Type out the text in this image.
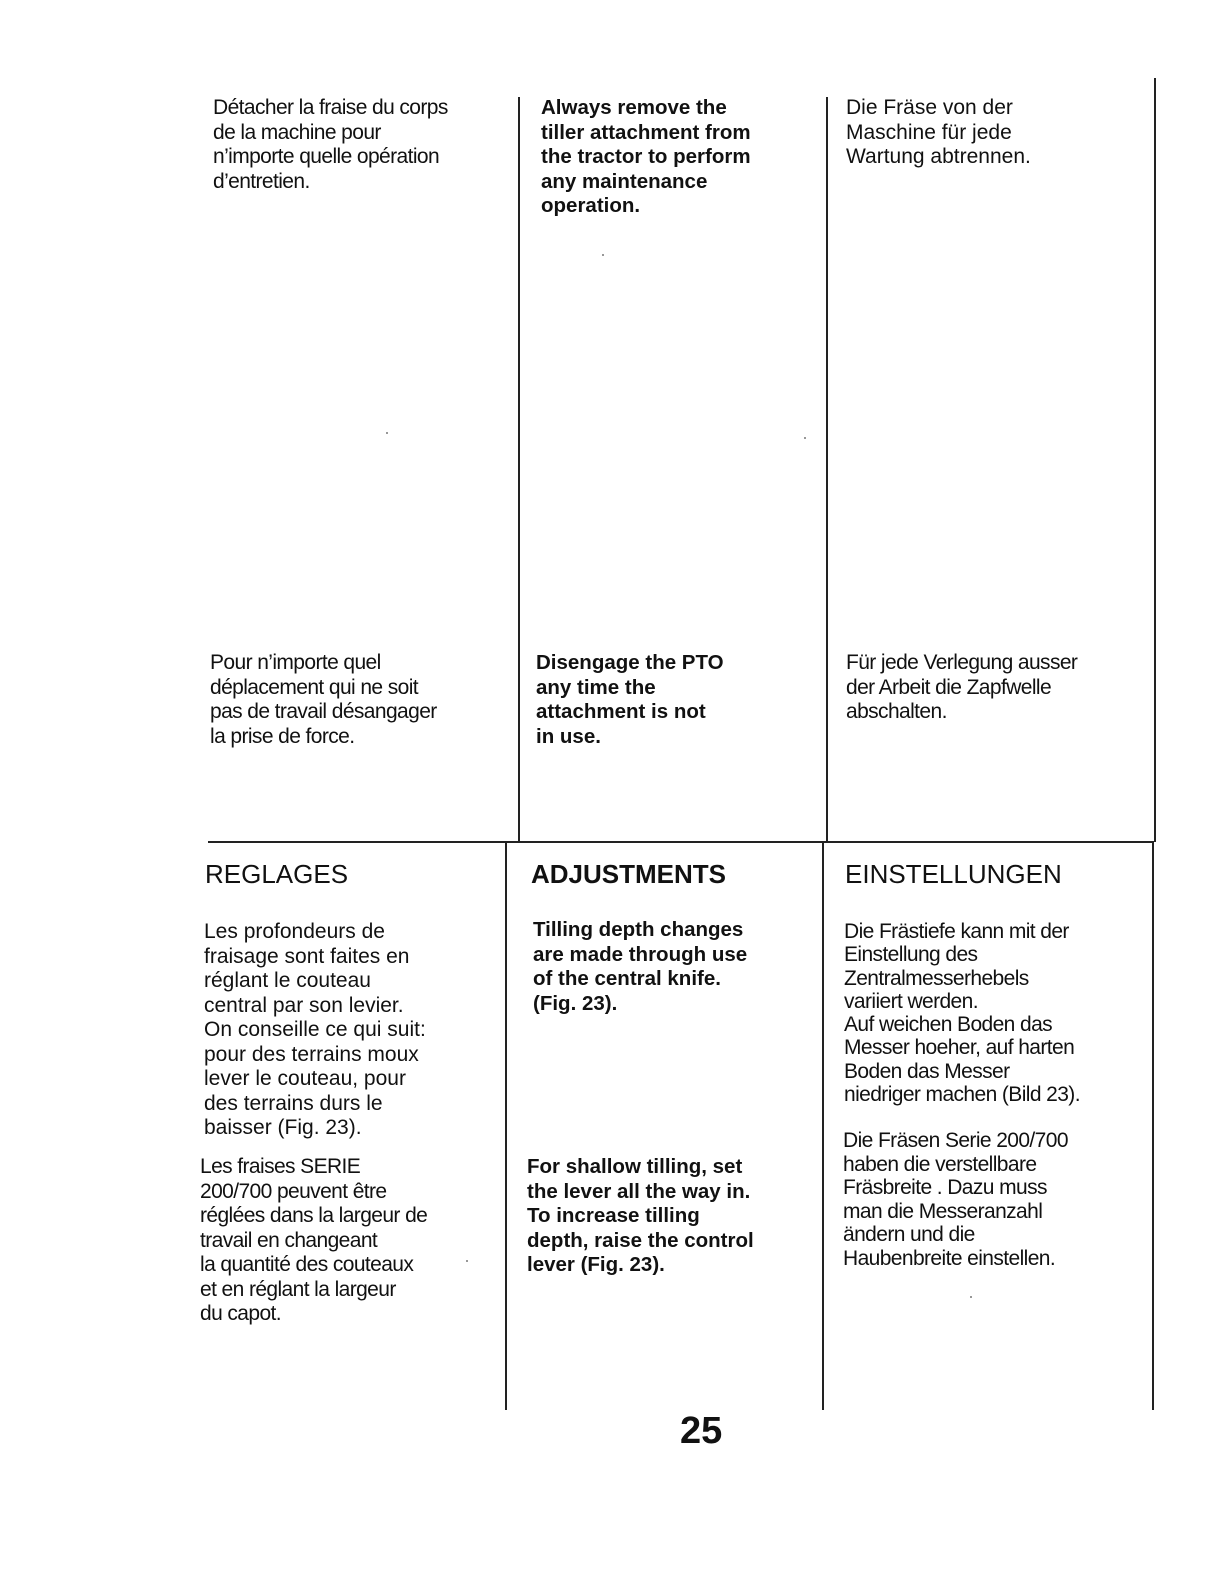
Détacher la fraise du corps
de la machine pour
n’importe quelle opération
d’entretien.
Always remove the
tiller attachment from
the tractor to perform
any maintenance
operation.
Die Fräse von der
Maschine für jede
Wartung abtrennen.
Pour n’importe quel
déplacement qui ne soit
pas de travail désangager
la prise de force.
Disengage the PTO
any time the
attachment is not
in use.
Für jede Verlegung ausser
der Arbeit die Zapfwelle
abschalten.
REGLAGES	ADJUSTMENTS	EINSTELLUNGEN
Les profondeurs de
fraisage sont faites en
réglant le couteau
central par son levier.
On conseille ce qui suit:
pour des terrains moux
lever le couteau, pour
des terrains durs le
baisser (Fig. 23).
Les fraises SERIE
200/700 peuvent être
réglées dans la largeur de
travail en changeant
la quantité des couteaux
et en réglant la largeur
du capot.
Tilling depth changes
are made through use
of the central knife.
(Fig. 23).
For shallow tilling, set
the lever all the way in.
To increase tilling
depth, raise the control
lever (Fig. 23).
Die Frästiefe kann mit der
Einstellung des
Zentralmesserhebels
variiert werden.
Auf weichen Boden das
Messer hoeher, auf harten
Boden das Messer
niedriger machen (Bild 23).
Die Fräsen Serie 200/700
haben die verstellbare
Fräsbreite . Dazu muss
man die Messeranzahl
ändern und die
Haubenbreite einstellen.
25
